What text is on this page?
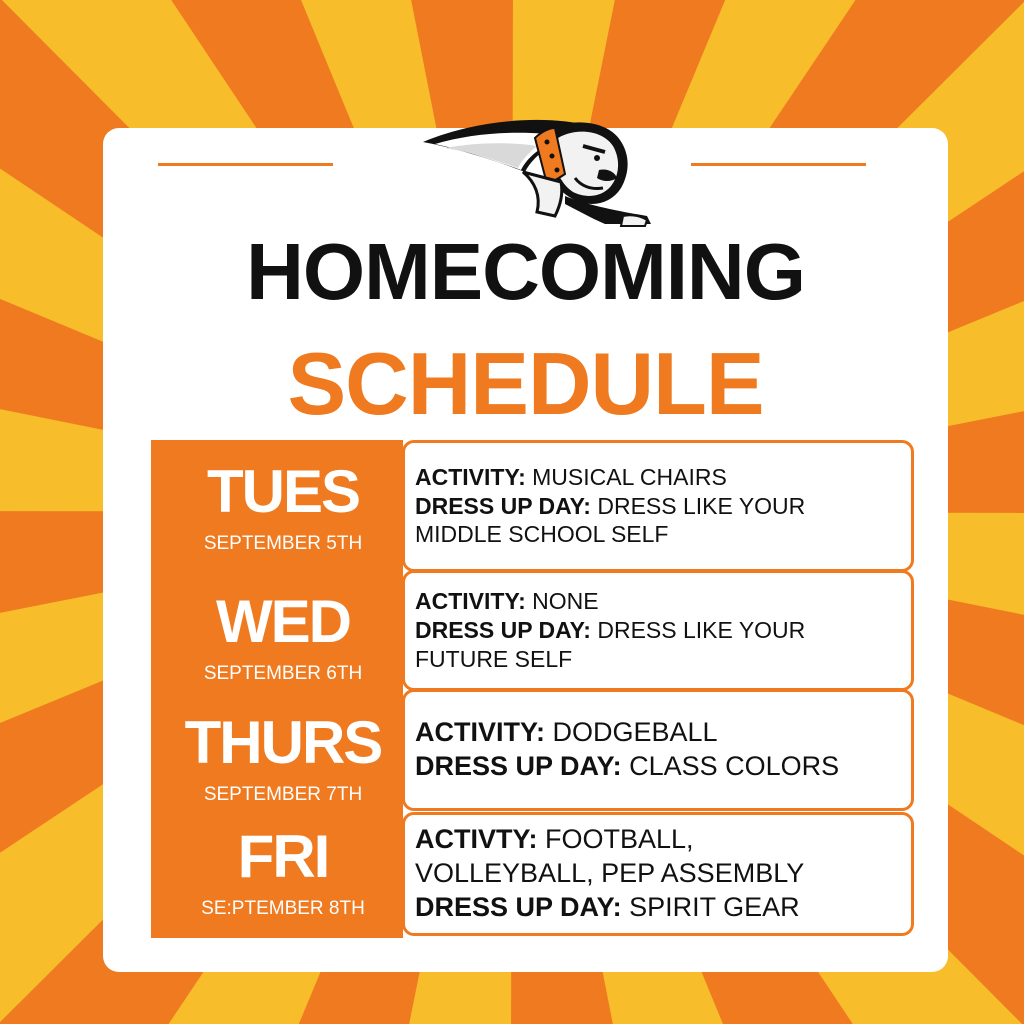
HOMECOMING
SCHEDULE
TUES
SEPTEMBER 5TH
ACTIVITY: MUSICAL CHAIRS
DRESS UP DAY: DRESS LIKE YOUR
MIDDLE SCHOOL SELF
WED
SEPTEMBER 6TH
ACTIVITY: NONE
DRESS UP DAY: DRESS LIKE YOUR
FUTURE SELF
THURS
SEPTEMBER 7TH
ACTIVITY: DODGEBALL
DRESS UP DAY: CLASS COLORS
FRI
SE:PTEMBER 8TH
ACTIVTY: FOOTBALL,
VOLLEYBALL, PEP ASSEMBLY
DRESS UP DAY: SPIRIT GEAR
